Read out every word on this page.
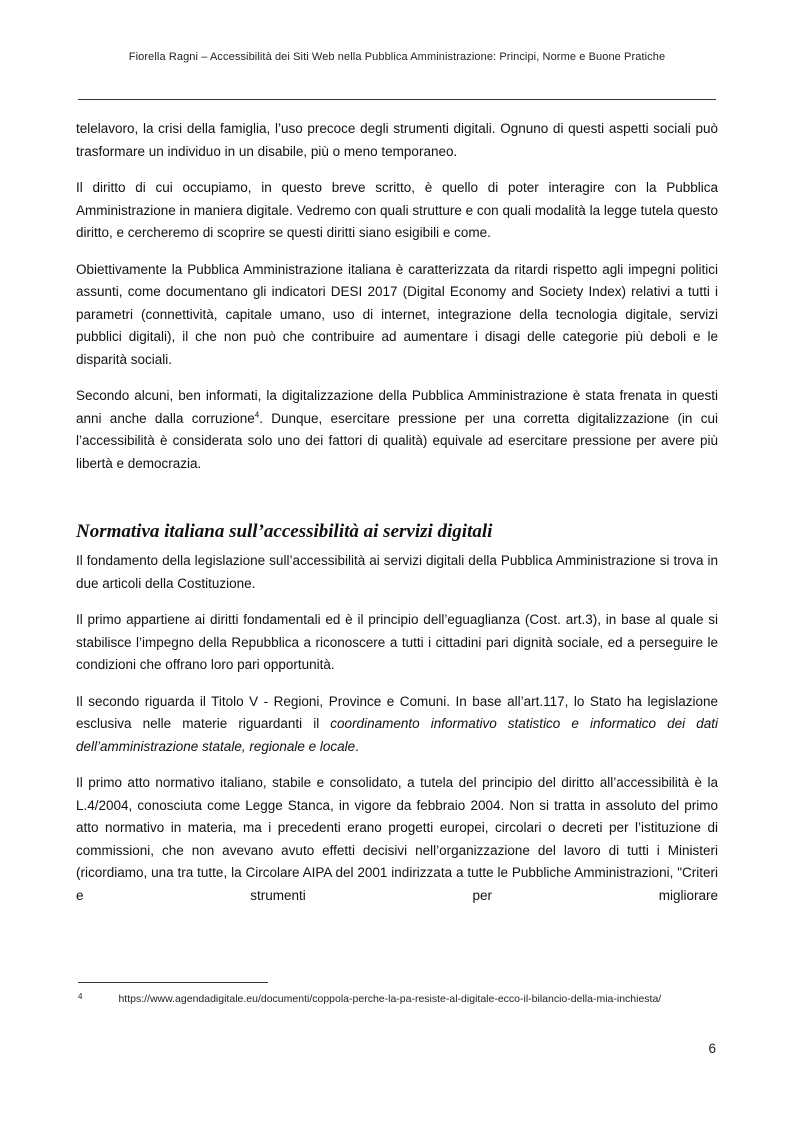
Fiorella Ragni – Accessibilità dei Siti Web nella Pubblica Amministrazione: Principi, Norme e Buone Pratiche

telelavoro, la crisi della famiglia, l’uso precoce degli strumenti digitali. Ognuno di questi aspetti sociali può trasformare un individuo in un disabile, più o meno temporaneo.

Il diritto di cui occupiamo, in questo breve scritto, è quello di poter interagire con la Pubblica Amministrazione in maniera digitale. Vedremo con quali strutture e con quali modalità la legge tutela questo diritto, e cercheremo di scoprire se questi diritti siano esigibili e come.

Obiettivamente la Pubblica Amministrazione italiana è caratterizzata da ritardi rispetto agli impegni politici assunti, come documentano gli indicatori DESI 2017 (Digital Economy and Society Index) relativi a tutti i parametri (connettività, capitale umano, uso di internet, integrazione della tecnologia digitale, servizi pubblici digitali), il che non può che contribuire ad aumentare i disagi delle categorie più deboli e le disparità sociali.

Secondo alcuni, ben informati, la digitalizzazione della Pubblica Amministrazione è stata frenata in questi anni anche dalla corruzione$^4$. Dunque, esercitare pressione per una corretta digitalizzazione (in cui l’accessibilità è considerata solo uno dei fattori di qualità) equivale ad esercitare pressione per avere più libertà e democrazia.

Normativa italiana sull’accessibilità ai servizi digitali

Il fondamento della legislazione sull’accessibilità ai servizi digitali della Pubblica Amministrazione si trova in due articoli della Costituzione.

Il primo appartiene ai diritti fondamentali ed è il principio dell’eguaglianza (Cost. art.3), in base al quale si stabilisce l’impegno della Repubblica a riconoscere a tutti i cittadini pari dignità sociale, ed a perseguire le condizioni che offrano loro pari opportunità.

Il secondo riguarda il Titolo V - Regioni, Province e Comuni. In base all’art.117, lo Stato ha legislazione esclusiva nelle materie riguardanti il coordinamento informativo statistico e informatico dei dati dell’amministrazione statale, regionale e locale.

Il primo atto normativo italiano, stabile e consolidato, a tutela del principio del diritto all’accessibilità è la L.4/2004, conosciuta come Legge Stanca, in vigore da febbraio 2004. Non si tratta in assoluto del primo atto normativo in materia, ma i precedenti erano progetti europei, circolari o decreti per l’istituzione di commissioni, che non avevano avuto effetti decisivi nell’organizzazione del lavoro di tutti i Ministeri (ricordiamo, una tra tutte, la Circolare AIPA del 2001 indirizzata a tutte le Pubbliche Amministrazioni, "Criteri e strumenti per migliorare

$^4$	https://www.agendadigitale.eu/documenti/coppola-perche-la-pa-resiste-al-digitale-ecco-il-bilancio-della-mia-inchiesta/
6
